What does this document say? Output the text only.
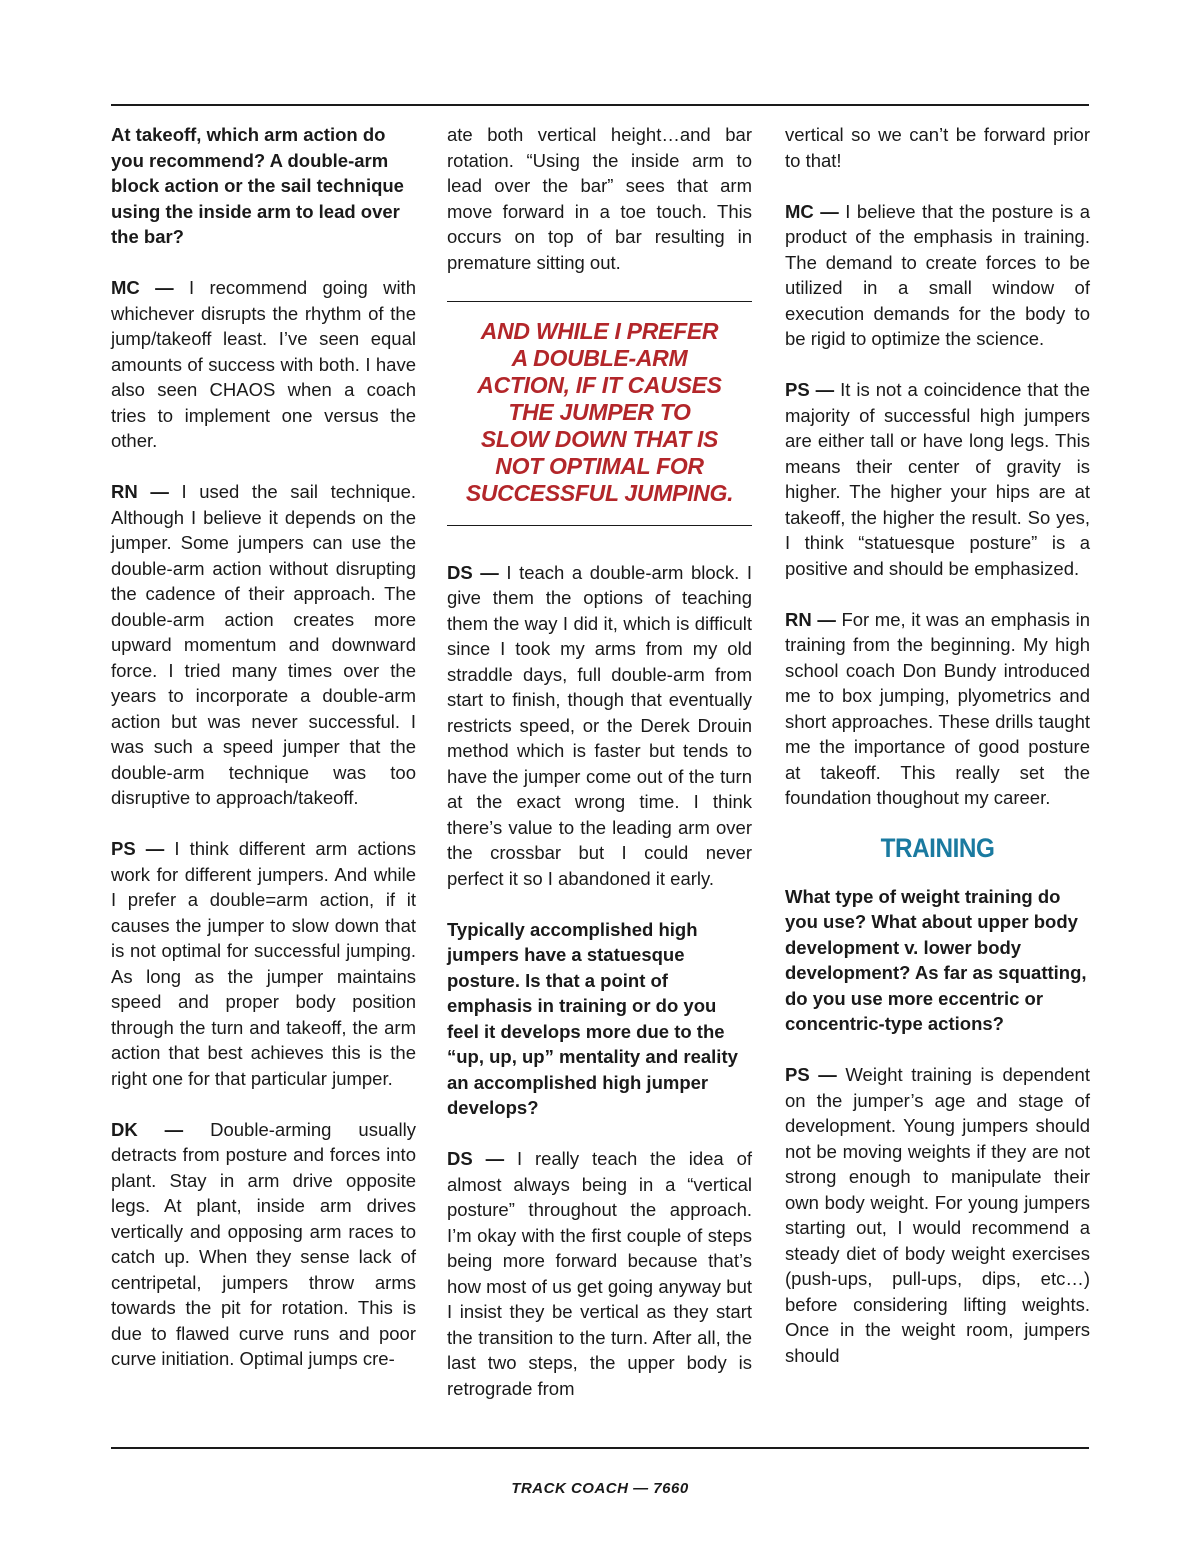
At takeoff, which arm action do you recommend? A double-arm block action or the sail technique using the inside arm to lead over the bar?

MC — I recommend going with whichever disrupts the rhythm of the jump/takeoff least. I’ve seen equal amounts of success with both. I have also seen CHAOS when a coach tries to implement one versus the other.

RN — I used the sail technique. Although I believe it depends on the jumper. Some jumpers can use the double-arm action without disrupting the cadence of their approach. The double-arm action creates more upward momentum and downward force. I tried many times over the years to incorporate a double-arm action but was never successful. I was such a speed jumper that the double-arm technique was too disruptive to approach/takeoff.

PS — I think different arm actions work for different jumpers. And while I prefer a double=arm action, if it causes the jumper to slow down that is not optimal for successful jumping. As long as the jumper maintains speed and proper body position through the turn and takeoff, the arm action that best achieves this is the right one for that particular jumper.

DK — Double-arming usually detracts from posture and forces into plant. Stay in arm drive opposite legs. At plant, inside arm drives vertically and opposing arm races to catch up. When they sense lack of centripetal, jumpers throw arms towards the pit for rotation. This is due to flawed curve runs and poor curve initiation. Optimal jumps cre-

ate both vertical height…and bar rotation. “Using the inside arm to lead over the bar” sees that arm move forward in a toe touch. This occurs on top of bar resulting in premature sitting out.

AND WHILE I PREFER
A DOUBLE-ARM
ACTION, IF IT CAUSES
THE JUMPER TO
SLOW DOWN THAT IS
NOT OPTIMAL FOR
SUCCESSFUL JUMPING.

DS — I teach a double-arm block. I give them the options of teaching them the way I did it, which is difficult since I took my arms from my old straddle days, full double-arm from start to finish, though that eventually restricts speed, or the Derek Drouin method which is faster but tends to have the jumper come out of the turn at the exact wrong time. I think there’s value to the leading arm over the crossbar but I could never perfect it so I abandoned it early.

Typically accomplished high jumpers have a statuesque posture. Is that a point of emphasis in training or do you feel it develops more due to the “up, up, up” mentality and reality an accomplished high jumper develops?

DS — I really teach the idea of almost always being in a “vertical posture” throughout the approach. I’m okay with the first couple of steps being more forward because that’s how most of us get going anyway but I insist they be vertical as they start the transition to the turn. After all, the last two steps, the upper body is retrograde from

vertical so we can’t be forward prior to that!

MC — I believe that the posture is a product of the emphasis in training. The demand to create forces to be utilized in a small window of execution demands for the body to be rigid to optimize the science.

PS — It is not a coincidence that the majority of successful high jumpers are either tall or have long legs. This means their center of gravity is higher. The higher your hips are at takeoff, the higher the result. So yes, I think “statuesque posture” is a positive and should be emphasized.

RN — For me, it was an emphasis in training from the beginning. My high school coach Don Bundy introduced me to box jumping, plyometrics and short approaches. These drills taught me the importance of good posture at takeoff. This really set the foundation thoughout my career.

TRAINING

What type of weight training do you use? What about upper body development v. lower body development? As far as squatting, do you use more eccentric or concentric-type actions?

PS — Weight training is dependent on the jumper’s age and stage of development. Young jumpers should not be moving weights if they are not strong enough to manipulate their own body weight. For young jumpers starting out, I would recommend a steady diet of body weight exercises (push-ups, pull-ups, dips, etc…) before considering lifting weights. Once in the weight room, jumpers should

TRACK COACH — 7660
